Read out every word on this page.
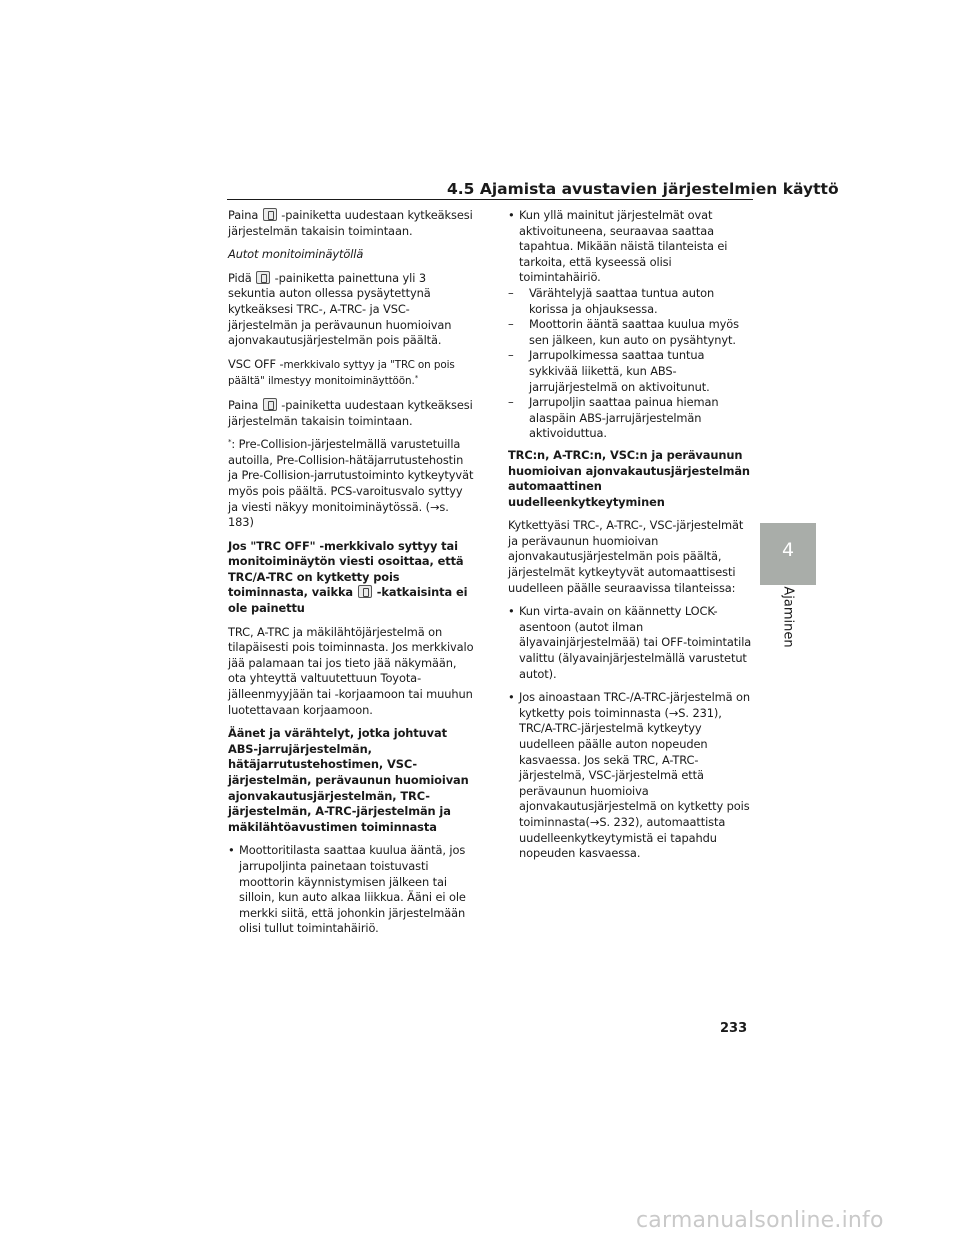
4.5 Ajamista avustavien järjestelmien käyttö
4
Ajaminen

Paina -painiketta uudestaan kytkeäksesi järjestelmän takaisin toimintaan.

Autot monitoiminäytöllä

Pidä -painiketta painettuna yli 3 sekuntia auton ollessa pysäytettynä kytkeäksesi TRC-, A-TRC- ja VSC-järjestelmän ja perävaunun huomioivan ajonvakautusjärjestelmän pois päältä.

VSC OFF -merkkivalo syttyy ja "TRC on pois päältä" ilmestyy monitoiminäyttöön.*

Paina -painiketta uudestaan kytkeäksesi järjestelmän takaisin toimintaan.

*: Pre-Collision-järjestelmällä varustetuilla autoilla, Pre-Collision-hätäjarrutustehostin ja Pre-Collision-jarrutustoiminto kytkeytyvät myös pois päältä. PCS-varoitusvalo syttyy ja viesti näkyy monitoiminäytössä. (→s. 183)

Jos "TRC OFF" -merkkivalo syttyy tai monitoiminäytön viesti osoittaa, että TRC/A-TRC on kytketty pois toiminnasta, vaikka -katkaisinta ei ole painettu

TRC, A-TRC ja mäkilähtöjärjestelmä on tilapäisesti pois toiminnasta. Jos merkkivalo jää palamaan tai jos tieto jää näkymään, ota yhteyttä valtuutettuun Toyota-jälleenmyyjään tai -korjaamoon tai muuhun luotettavaan korjaamoon.

Äänet ja värähtelyt, jotka johtuvat ABS-jarrujärjestelmän, hätäjarrutustehostimen, VSC-järjestelmän, perävaunun huomioivan ajonvakautusjärjestelmän, TRC-järjestelmän, A-TRC-järjestelmän ja mäkilähtöavustimen toiminnasta
• Moottoritilasta saattaa kuulua ääntä, jos jarrupoljinta painetaan toistuvasti moottorin käynnistymisen jälkeen tai silloin, kun auto alkaa liikkua. Ääni ei ole merkki siitä, että johonkin järjestelmään olisi tullut toimintahäiriö.
• Kun yllä mainitut järjestelmät ovat aktivoituneena, seuraavaa saattaa tapahtua. Mikään näistä tilanteista ei tarkoita, että kyseessä olisi toimintahäiriö.
– Värähtelyjä saattaa tuntua auton korissa ja ohjauksessa.
– Moottorin ääntä saattaa kuulua myös sen jälkeen, kun auto on pysähtynyt.
– Jarrupolkimessa saattaa tuntua sykkivää liikettä, kun ABS-jarrujärjestelmä on aktivoitunut.
– Jarrupoljin saattaa painua hieman alaspäin ABS-jarrujärjestelmän aktivoiduttua.
TRC:n, A-TRC:n, VSC:n ja perävaunun huomioivan ajonvakautusjärjestelmän automaattinen uudelleenkytkeytyminen

Kytkettyäsi TRC-, A-TRC-, VSC-järjestelmät ja perävaunun huomioivan ajonvakautusjärjestelmän pois päältä, järjestelmät kytkeytyvät automaattisesti uudelleen päälle seuraavissa tilanteissa:

• Kun virta-avain on käännetty LOCK-asentoon (autot ilman älyavainjärjestelmää) tai OFF-toimintatila valittu (älyavainjärjestelmällä varustetut autot).
• Jos ainoastaan TRC-/A-TRC-järjestelmä on kytketty pois toiminnasta (→S. 231), TRC/A-TRC-järjestelmä kytkeytyy uudelleen päälle auton nopeuden kasvaessa. Jos sekä TRC, A-TRC-järjestelmä, VSC-järjestelmä että perävaunun huomioiva ajonvakautusjärjestelmä on kytketty pois toiminnasta(→S. 232), automaattista uudelleenkytkeytymistä ei tapahdu nopeuden kasvaessa.
233
carmanualsonline.info
